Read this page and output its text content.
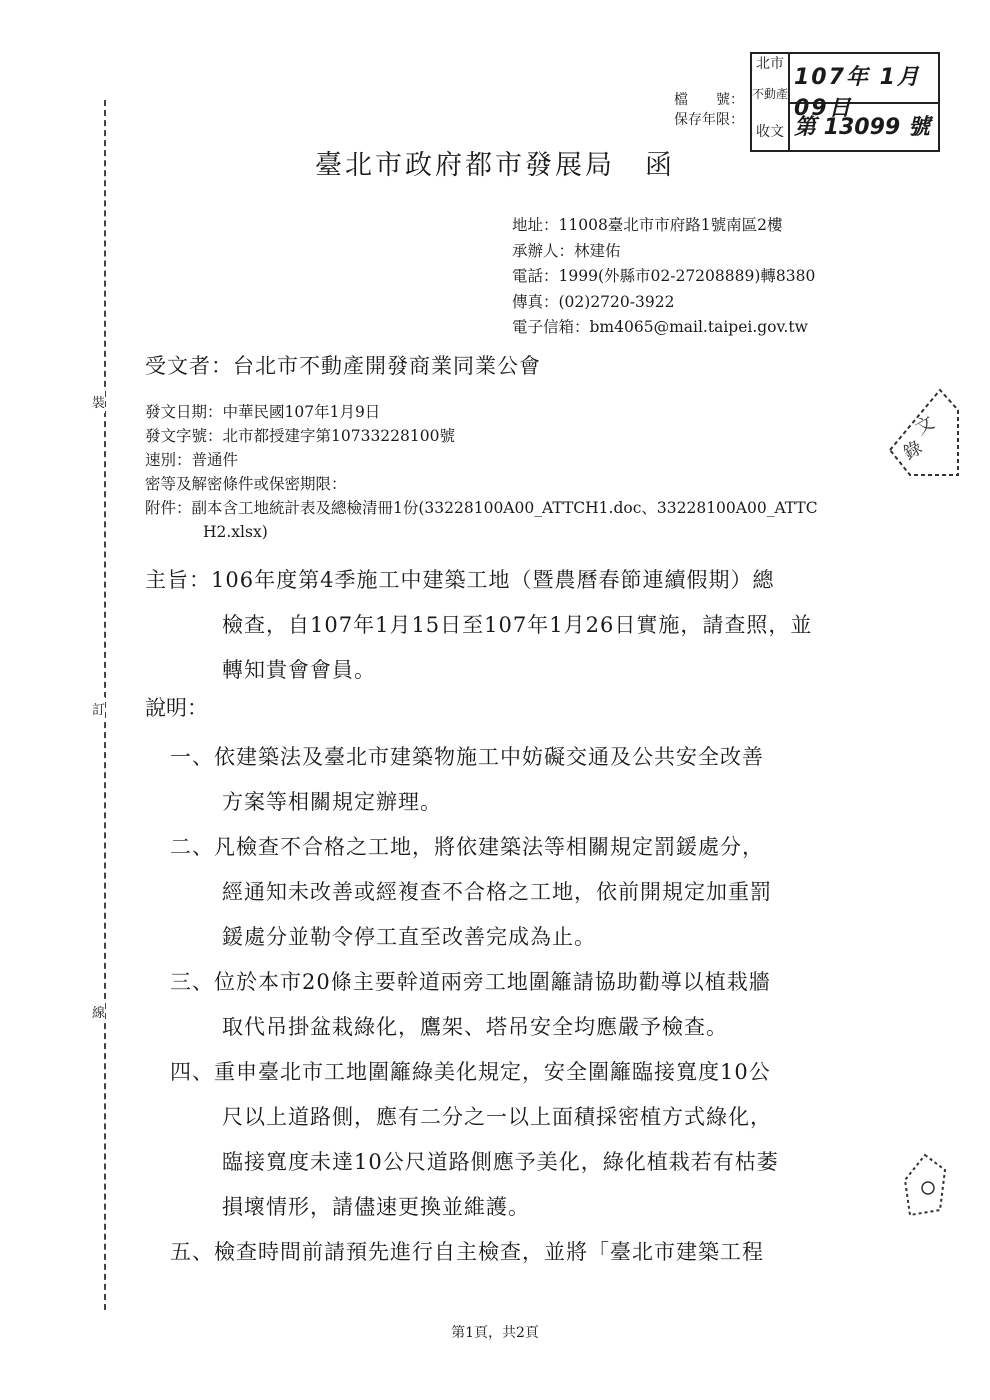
裝
訂
線
北市
不動產
收文
107年 1月09日
第 13099 號
檔　　號：
保存年限：
臺北市政府都市發展局　函
地址：11008臺北市市府路1號南區2樓
承辦人：林建佑
電話：1999(外縣市02-27208889)轉8380
傳真：(02)2720-3922
電子信箱：bm4065@mail.taipei.gov.tw
受文者：台北市不動產開發商業同業公會
文
錄
發文日期：中華民國107年1月9日
發文字號：北市都授建字第10733228100號
速別：普通件
密等及解密條件或保密期限：
附件：副本含工地統計表及總檢清冊1份(33228100A00_ATTCH1.doc、33228100A00_ATTC
H2.xlsx)
主旨：106年度第4季施工中建築工地（暨農曆春節連續假期）總
檢查，自107年1月15日至107年1月26日實施，請查照，並
轉知貴會會員。
說明：
一、依建築法及臺北市建築物施工中妨礙交通及公共安全改善
方案等相關規定辦理。
二、凡檢查不合格之工地，將依建築法等相關規定罰鍰處分，
經通知未改善或經複查不合格之工地，依前開規定加重罰
鍰處分並勒令停工直至改善完成為止。
三、位於本市20條主要幹道兩旁工地圍籬請協助勸導以植栽牆
取代吊掛盆栽綠化，鷹架、塔吊安全均應嚴予檢查。
四、重申臺北市工地圍籬綠美化規定，安全圍籬臨接寬度10公
尺以上道路側，應有二分之一以上面積採密植方式綠化，
臨接寬度未達10公尺道路側應予美化，綠化植栽若有枯萎
損壞情形，請儘速更換並維護。
五、檢查時間前請預先進行自主檢查，並將「臺北市建築工程
第1頁，共2頁
